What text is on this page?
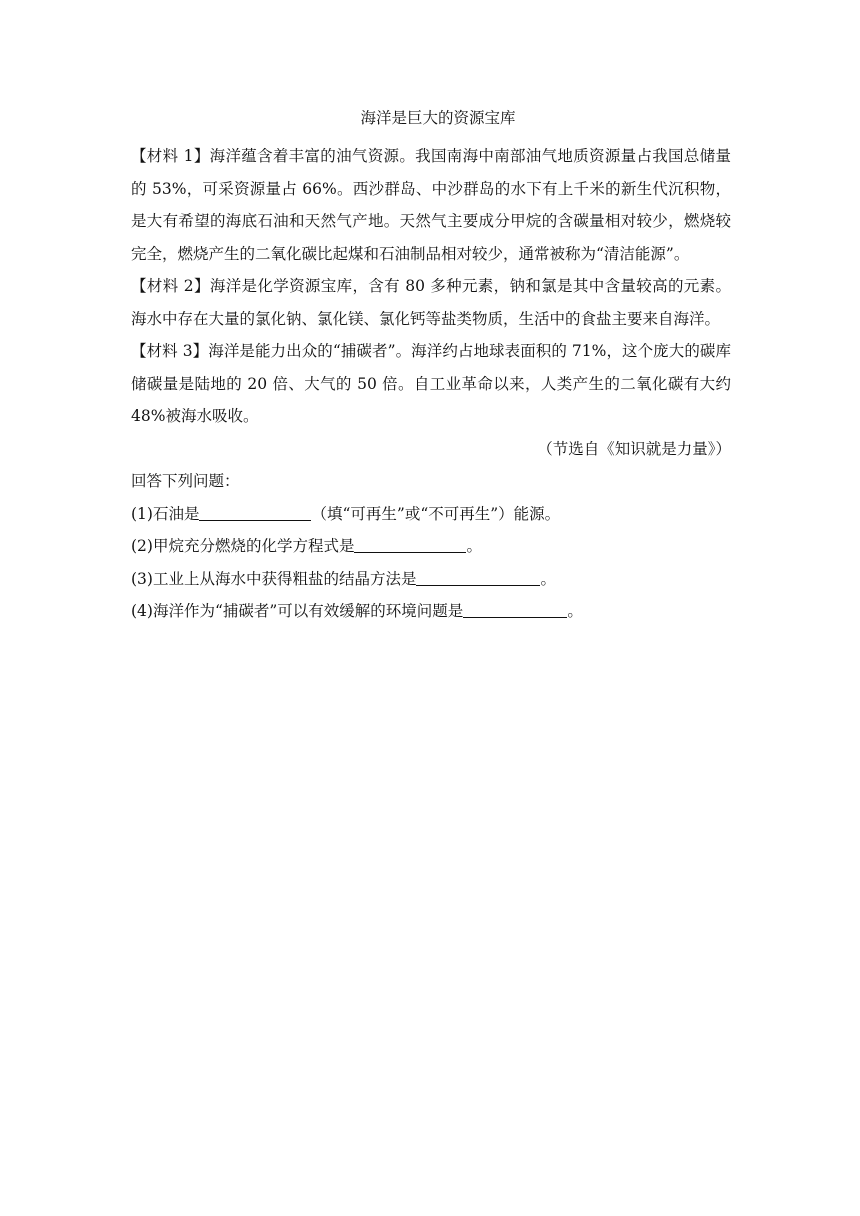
海洋是巨大的资源宝库

【材料 1】海洋蕴含着丰富的油气资源。我国南海中南部油气地质资源量占我国总储量的 53%，可采资源量占 66%。西沙群岛、中沙群岛的水下有上千米的新生代沉积物，是大有希望的海底石油和天然气产地。天然气主要成分甲烷的含碳量相对较少，燃烧较完全，燃烧产生的二氧化碳比起煤和石油制品相对较少，通常被称为“清洁能源”。

【材料 2】海洋是化学资源宝库，含有 80 多种元素，钠和氯是其中含量较高的元素。海水中存在大量的氯化钠、氯化镁、氯化钙等盐类物质，生活中的食盐主要来自海洋。

【材料 3】海洋是能力出众的“捕碳者”。海洋约占地球表面积的 71%，这个庞大的碳库储碳量是陆地的 20 倍、大气的 50 倍。自工业革命以来，人类产生的二氧化碳有大约 48%被海水吸收。

（节选自《知识就是力量》）

回答下列问题：

(1)石油是	（填“可再生”或“不可再生”）能源。

(2)甲烷充分燃烧的化学方程式是	。

(3)工业上从海水中获得粗盐的结晶方法是	。

(4)海洋作为“捕碳者”可以有效缓解的环境问题是	。
